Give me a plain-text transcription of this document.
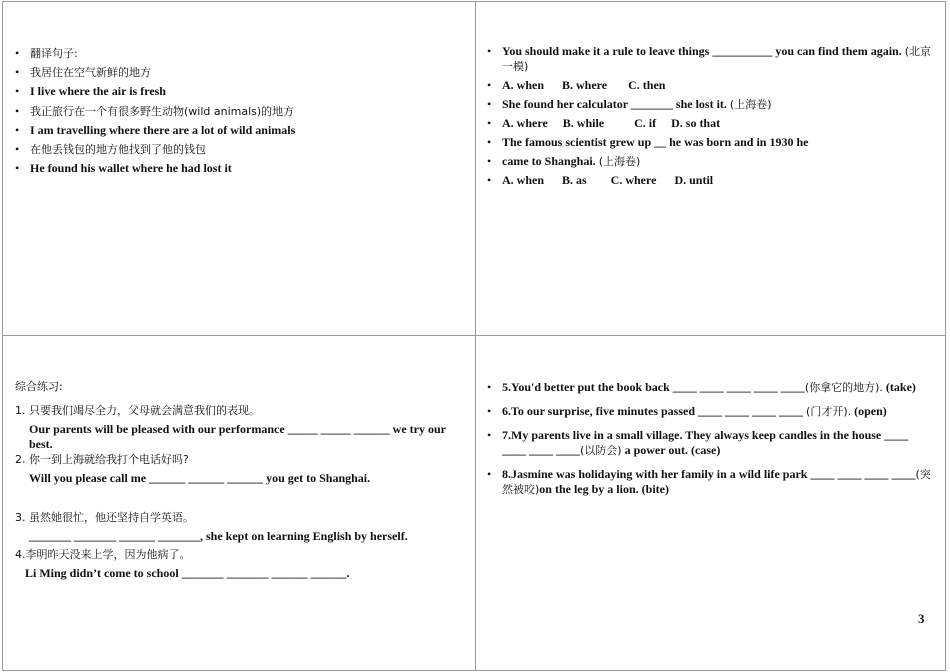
• 翻译句子:
• 我居住在空气新鲜的地方
• I live where the air is fresh
• 我正旅行在一个有很多野生动物(wild animals)的地方
• I am travelling where there are a lot of wild animals
• 在他丢钱包的地方他找到了他的钱包
• He found his wallet where he had lost it
• You should make it a rule to leave things __________ you can find them again. (北京一模)
• A. when      B. where       C. then
• She found her calculator _______ she lost it. (上海卷)
• A. where     B. while          C. if     D. so that
• The famous scientist grew up __ he was born and in 1930 he
• came to Shanghai. (上海卷)
• A. when      B. as        C. where      D. until

综合练习:

1. 只要我们竭尽全力，父母就会满意我们的表现。

Our parents will be pleased with our performance _____ _____ ______ we try our best.

2. 你一到上海就给我打个电话好吗?

Will you please call me ______ ______ ______ you get to Shanghai.

3. 虽然她很忙，他还坚持自学英语。

_______ _______ ______ _______, she kept on learning English by herself.

4.李明昨天没来上学，因为他病了。

Li Ming didn’t come to school _______ _______ ______ ______.

• 5.You'd better put the book back ____ ____ ____ ____ ____(你拿它的地方). (take)
• 6.To our surprise, five minutes passed ____ ____ ____ ____ (门才开). (open)
• 7.My parents live in a small village. They always keep candles in the house ____ ____ ____ ____(以防会) a power out. (case)
• 8.Jasmine was holidaying with her family in a wild life park ____ ____ ____ ____(突然被咬)on the leg by a lion. (bite)
3
